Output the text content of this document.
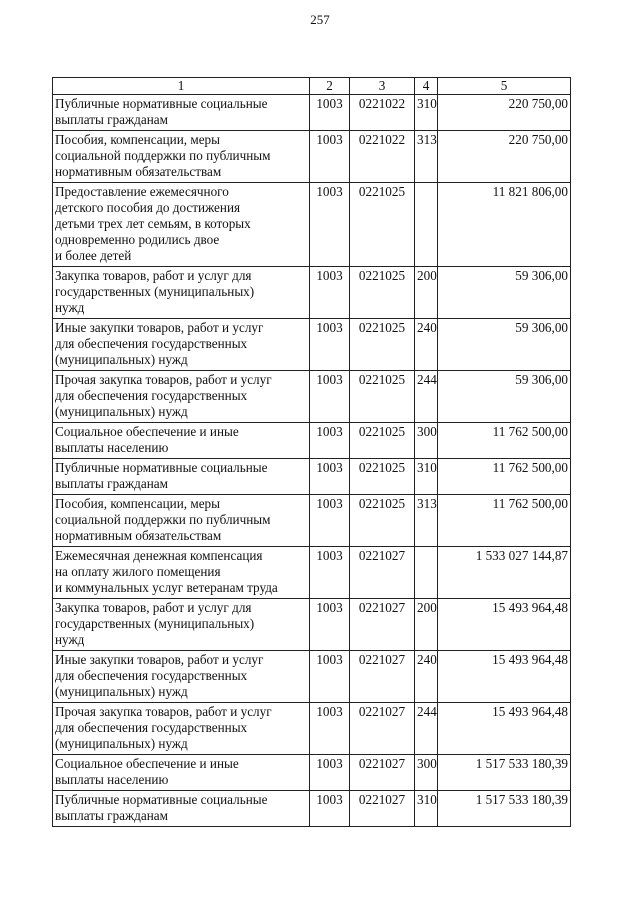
257
1	2	3	4	5
Публичные нормативные социальные
выплаты гражданам	1003	0221022	310	220 750,00
Пособия, компенсации, меры
социальной поддержки по публичным
нормативным обязательствам	1003	0221022	313	220 750,00
Предоставление ежемесячного
детского пособия до достижения
детьми трех лет семьям, в которых
одновременно родились двое
и более детей	1003	0221025		11 821 806,00
Закупка товаров, работ и услуг для
государственных (муниципальных)
нужд	1003	0221025	200	59 306,00
Иные закупки товаров, работ и услуг
для обеспечения государственных
(муниципальных) нужд	1003	0221025	240	59 306,00
Прочая закупка товаров, работ и услуг
для обеспечения государственных
(муниципальных) нужд	1003	0221025	244	59 306,00
Социальное обеспечение и иные
выплаты населению	1003	0221025	300	11 762 500,00
Публичные нормативные социальные
выплаты гражданам	1003	0221025	310	11 762 500,00
Пособия, компенсации, меры
социальной поддержки по публичным
нормативным обязательствам	1003	0221025	313	11 762 500,00
Ежемесячная денежная компенсация
на оплату жилого помещения
и коммунальных услуг ветеранам труда	1003	0221027		1 533 027 144,87
Закупка товаров, работ и услуг для
государственных (муниципальных)
нужд	1003	0221027	200	15 493 964,48
Иные закупки товаров, работ и услуг
для обеспечения государственных
(муниципальных) нужд	1003	0221027	240	15 493 964,48
Прочая закупка товаров, работ и услуг
для обеспечения государственных
(муниципальных) нужд	1003	0221027	244	15 493 964,48
Социальное обеспечение и иные
выплаты населению	1003	0221027	300	1 517 533 180,39
Публичные нормативные социальные
выплаты гражданам	1003	0221027	310	1 517 533 180,39
